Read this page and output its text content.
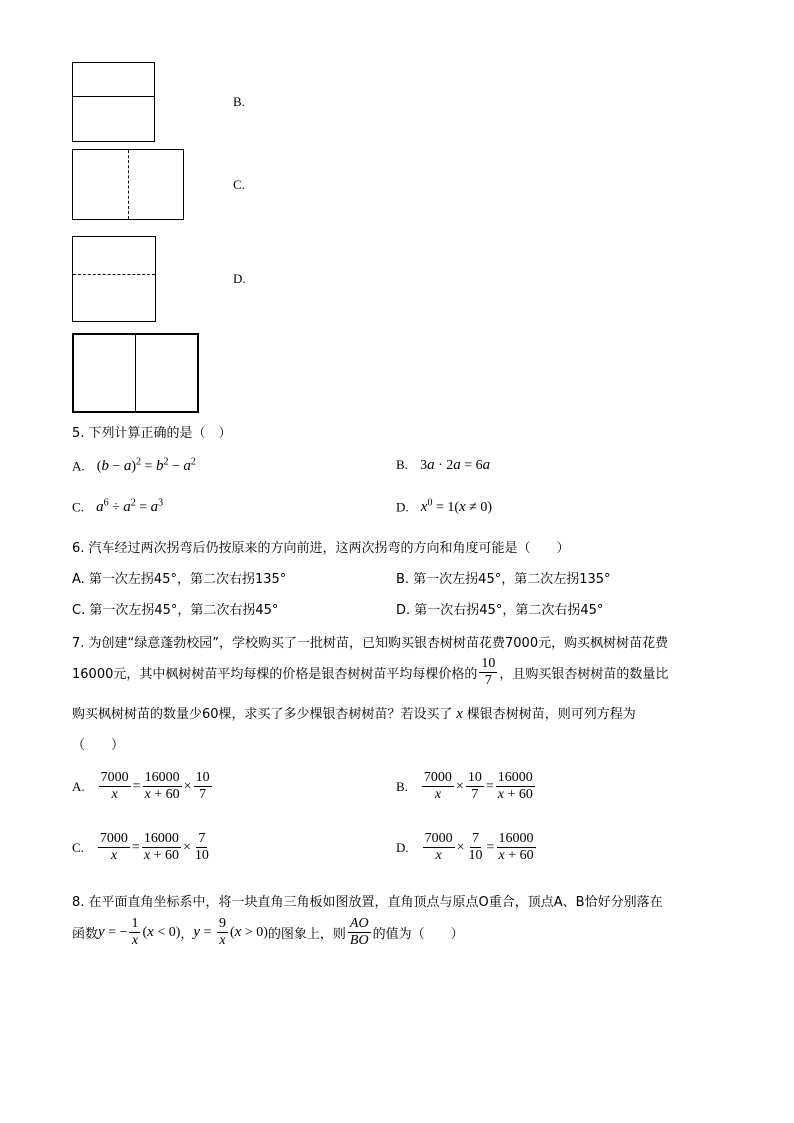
B.
C.
D.
5. 下列计算正确的是（　）
A. $(b - a)^2 = b^2 - a^2$	B. 3a · 2a = 6a
C. $a^6 \div a^2 = a^3$	D. $x^0 = 1(x \ne 0)$
6. 汽车经过两次拐弯后仍按原来的方向前进，这两次拐弯的方向和角度可能是（　　）
A. 第一次左拐45°，第二次右拐135°	B. 第一次左拐45°，第二次左拐135°
C. 第一次左拐45°，第二次右拐45°	D. 第一次右拐45°，第二次右拐45°
7. 为创建“绿意蓬勃校园”，学校购买了一批树苗，已知购买银杏树树苗花费7000元，购买枫树树苗花费
16000元，其中枫树树苗平均每棵的价格是银杏树树苗平均每棵价格的 $\frac{10}{7}$ ，且购买银杏树树苗的数量比
购买枫树树苗的数量少60棵，求买了多少棵银杏树树苗？若设买了 x 棵银杏树树苗，则可列方程为
（　　）
A. $\frac{7000}{x} = \frac{16000}{x + 60} \times \frac{10}{7}$	B. $\frac{7000}{x} \times \frac{10}{7} = \frac{16000}{x + 60}$
C. $\frac{7000}{x} = \frac{16000}{x + 60} \times \frac{7}{10}$	D. $\frac{7000}{x} \times \frac{7}{10} = \frac{16000}{x + 60}$
8. 在平面直角坐标系中，将一块直角三角板如图放置，直角顶点与原点O重合，顶点A、B恰好分别落在
函数 y = − $\frac{1}{x}$ ( x < 0) ， $y = \frac{9}{x}$ ( x > 0) 的图象上，则 $\frac{AO}{BO}$ 的值为（　　）
